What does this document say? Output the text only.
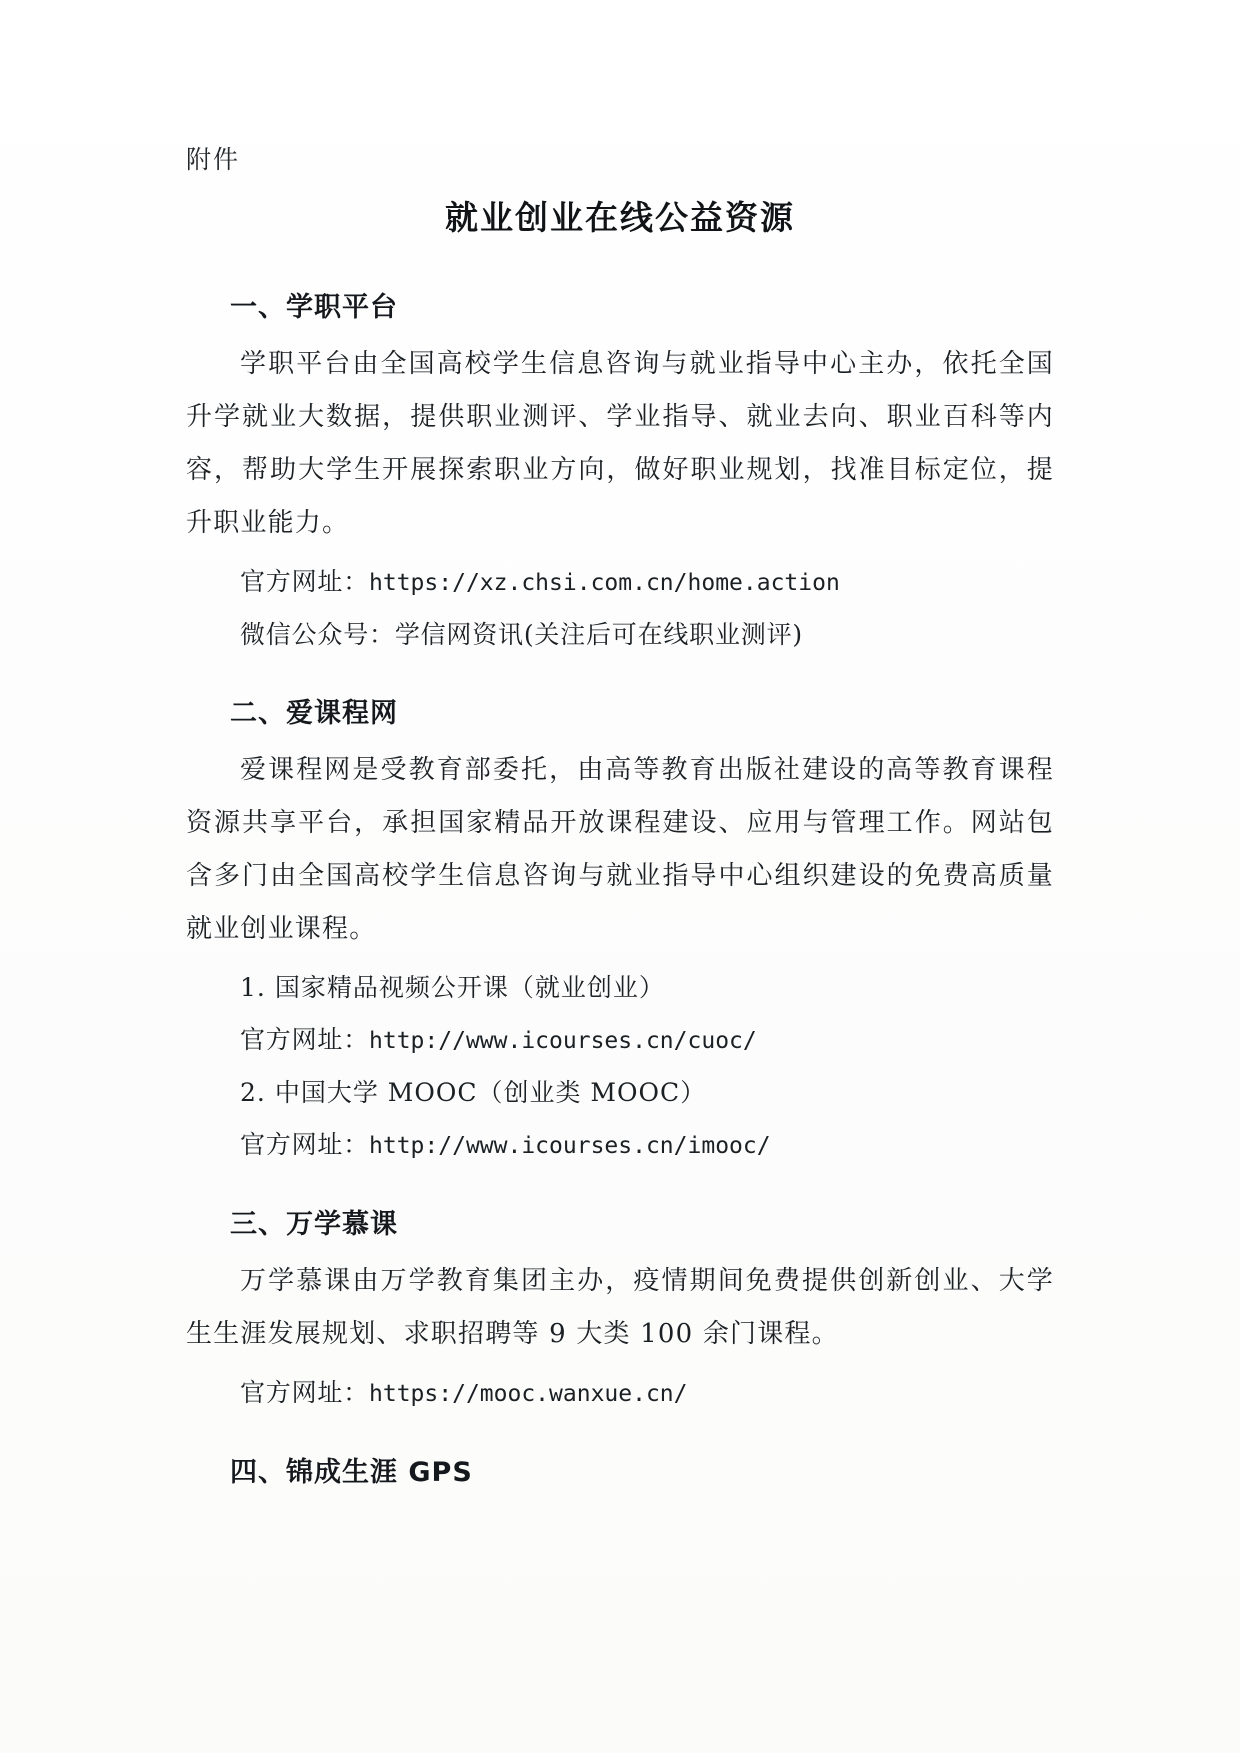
附件

就业创业在线公益资源
一、学职平台

学职平台由全国高校学生信息咨询与就业指导中心主办，依托全国升学就业大数据，提供职业测评、学业指导、就业去向、职业百科等内容，帮助大学生开展探索职业方向，做好职业规划，找准目标定位，提升职业能力。

官方网址：https://xz.chsi.com.cn/home.action

微信公众号：学信网资讯(关注后可在线职业测评)

二、爱课程网

爱课程网是受教育部委托，由高等教育出版社建设的高等教育课程资源共享平台，承担国家精品开放课程建设、应用与管理工作。网站包含多门由全国高校学生信息咨询与就业指导中心组织建设的免费高质量就业创业课程。

1. 国家精品视频公开课（就业创业）

官方网址：http://www.icourses.cn/cuoc/

2. 中国大学 MOOC（创业类 MOOC）

官方网址：http://www.icourses.cn/imooc/

三、万学慕课

万学慕课由万学教育集团主办，疫情期间免费提供创新创业、大学生生涯发展规划、求职招聘等 9 大类 100 余门课程。

官方网址：https://mooc.wanxue.cn/

四、锦成生涯 GPS
